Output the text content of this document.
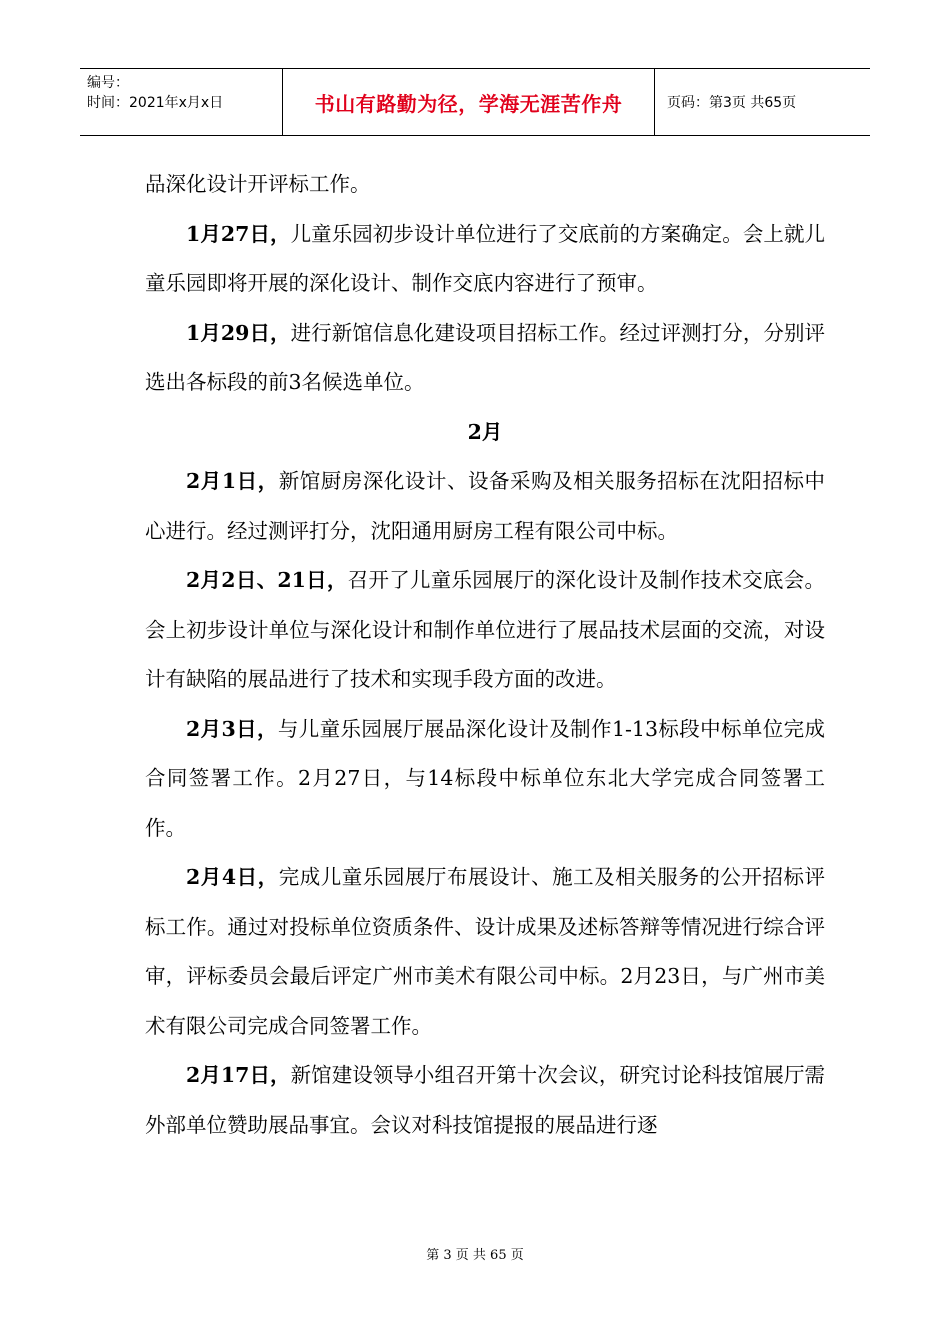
编号：
时间：2021年x月x日	书山有路勤为径，学海无涯苦作舟	页码：第3页 共65页

品深化设计开评标工作。

1月27日，儿童乐园初步设计单位进行了交底前的方案确定。会上就儿童乐园即将开展的深化设计、制作交底内容进行了预审。

1月29日，进行新馆信息化建设项目招标工作。经过评测打分，分别评选出各标段的前3名候选单位。

2月

2月1日，新馆厨房深化设计、设备采购及相关服务招标在沈阳招标中心进行。经过测评打分，沈阳通用厨房工程有限公司中标。

2月2日、21日，召开了儿童乐园展厅的深化设计及制作技术交底会。会上初步设计单位与深化设计和制作单位进行了展品技术层面的交流，对设计有缺陷的展品进行了技术和实现手段方面的改进。

2月3日，与儿童乐园展厅展品深化设计及制作1-13标段中标单位完成合同签署工作。2月27日，与14标段中标单位东北大学完成合同签署工作。

2月4日，完成儿童乐园展厅布展设计、施工及相关服务的公开招标评标工作。通过对投标单位资质条件、设计成果及述标答辩等情况进行综合评审，评标委员会最后评定广州市美术有限公司中标。2月23日，与广州市美术有限公司完成合同签署工作。

2月17日，新馆建设领导小组召开第十次会议，研究讨论科技馆展厅需外部单位赞助展品事宜。会议对科技馆提报的展品进行逐

第 3 页 共 65 页
